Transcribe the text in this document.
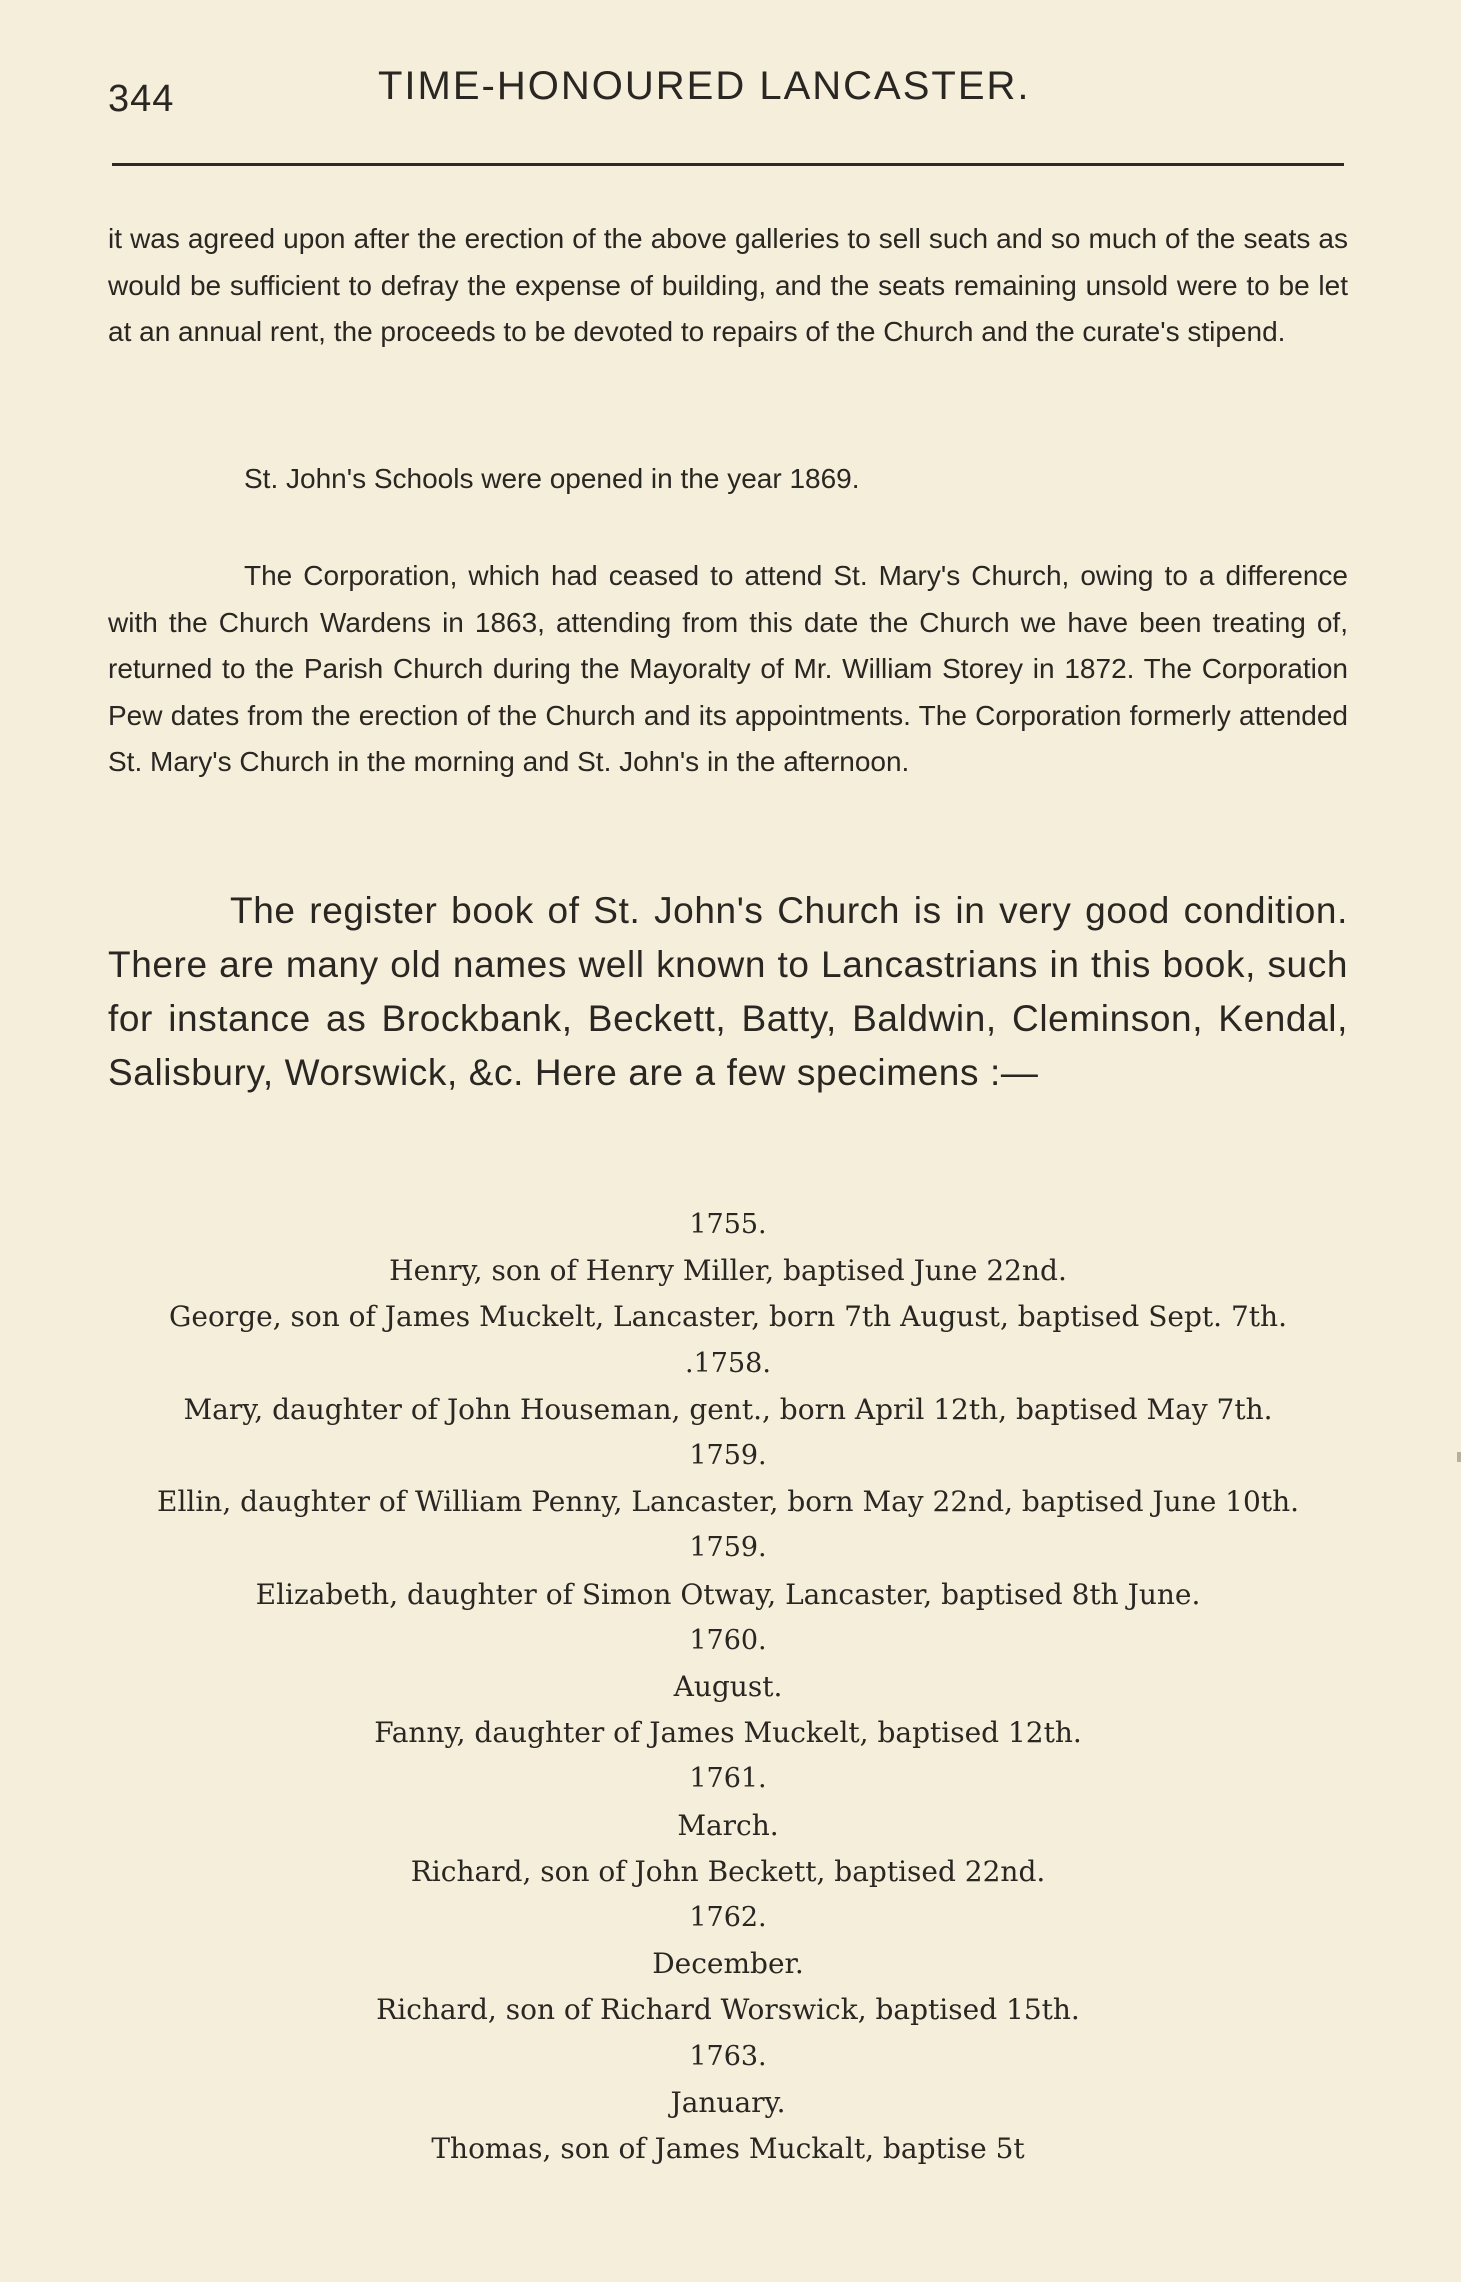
344	TIME-HONOURED LANCASTER.

it was agreed upon after the erection of the above galleries to sell such and so much of the seats as would be sufficient to defray the expense of building, and the seats remaining unsold were to be let at an annual rent, the proceeds to be devoted to repairs of the Church and the curate's stipend.

St. John's Schools were opened in the year 1869.

The Corporation, which had ceased to attend St. Mary's Church, owing to a difference with the Church Wardens in 1863, attending from this date the Church we have been treating of, returned to the Parish Church during the Mayoralty of Mr. William Storey in 1872. The Corporation Pew dates from the erection of the Church and its appointments. The Corporation formerly attended St. Mary's Church in the morning and St. John's in the afternoon.

The register book of St. John's Church is in very good condition. There are many old names well known to Lancastrians in this book, such for instance as Brockbank, Beckett, Batty, Baldwin, Cleminson, Kendal, Salisbury, Worswick, &c. Here are a few specimens :—

1755.
Henry, son of Henry Miller, baptised June 22nd.
George, son of James Muckelt, Lancaster, born 7th August, baptised Sept. 7th.
.1758.
Mary, daughter of John Houseman, gent., born April 12th, baptised May 7th.
1759.
Ellin, daughter of William Penny, Lancaster, born May 22nd, baptised June 10th.
1759.
Elizabeth, daughter of Simon Otway, Lancaster, baptised 8th June.
1760.
August.
Fanny, daughter of James Muckelt, baptised 12th.
1761.
March.
Richard, son of John Beckett, baptised 22nd.
1762.
December.
Richard, son of Richard Worswick, baptised 15th.
1763.
January.
Thomas, son of James Muckalt, baptise 5t
